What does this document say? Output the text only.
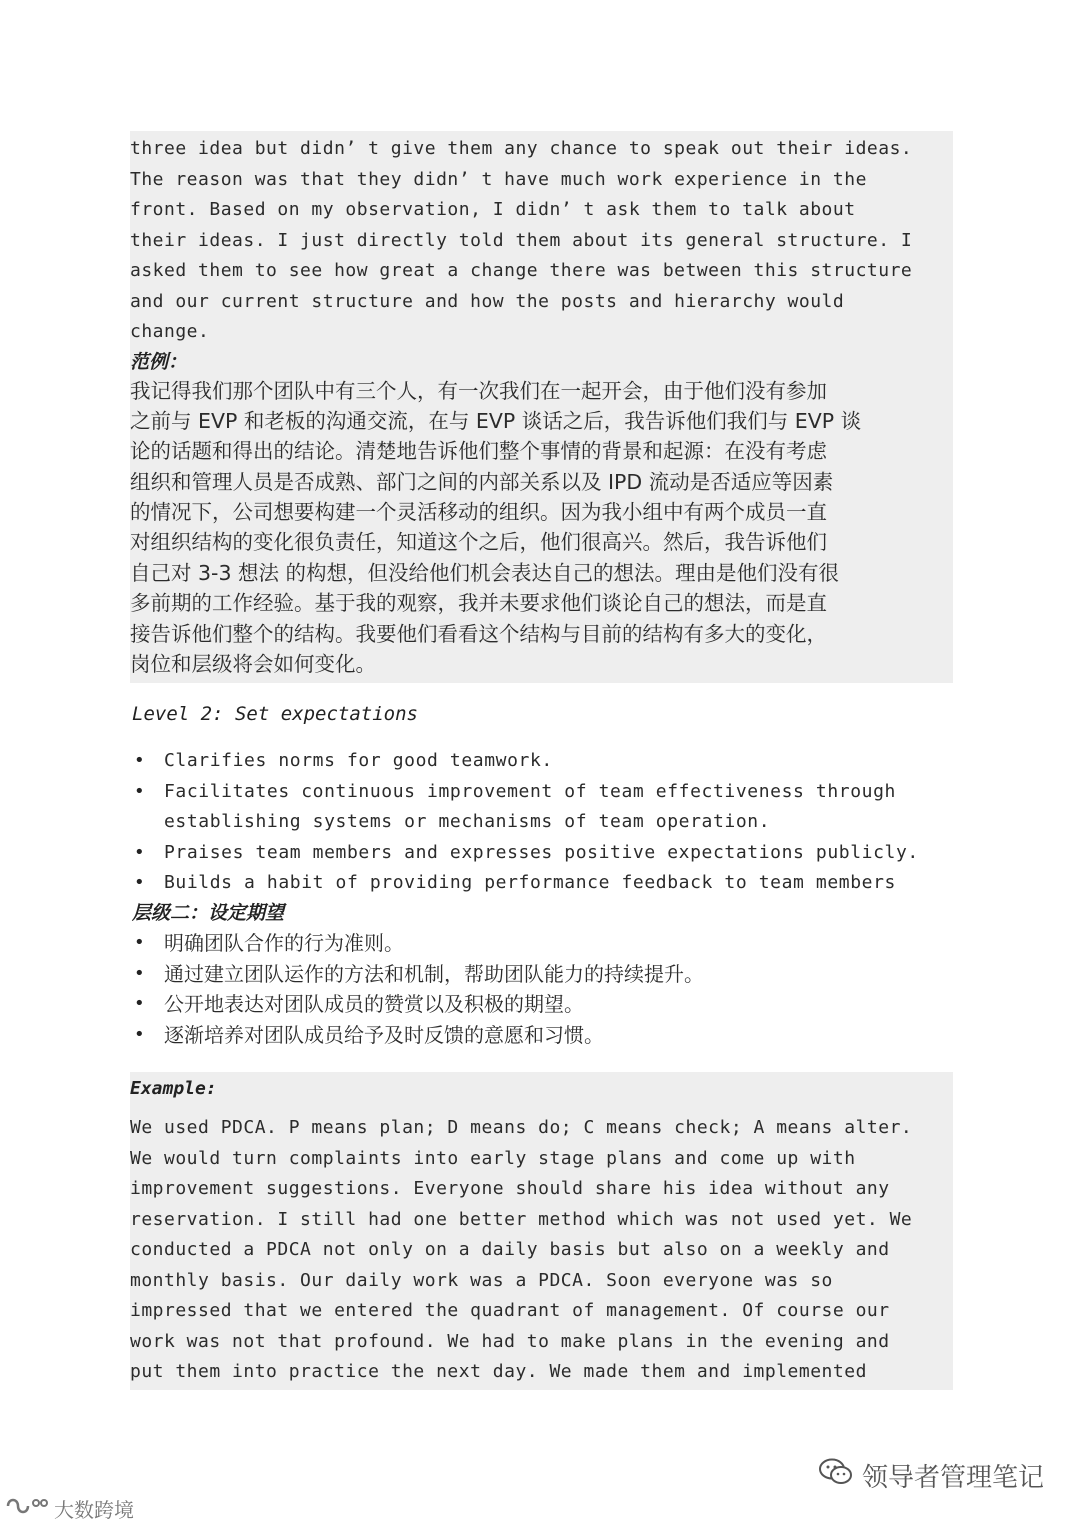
three idea but didn’ t give them any chance to speak out their ideas.
The reason was that they didn’ t have much work experience in the
front. Based on my observation, I didn’ t ask them to talk about
their ideas. I just directly told them about its general structure. I
asked them to see how great a change there was between this structure
and our current structure and how the posts and hierarchy would
change.
范例：
我记得我们那个团队中有三个人，有一次我们在一起开会，由于他们没有参加
之前与 EVP 和老板的沟通交流，在与 EVP 谈话之后，我告诉他们我们与 EVP 谈
论的话题和得出的结论。清楚地告诉他们整个事情的背景和起源：在没有考虑
组织和管理人员是否成熟、部门之间的内部关系以及 IPD 流动是否适应等因素
的情况下，公司想要构建一个灵活移动的组织。因为我小组中有两个成员一直
对组织结构的变化很负责任，知道这个之后，他们很高兴。然后，我告诉他们
自己对 3-3 想法 的构想，但没给他们机会表达自己的想法。理由是他们没有很
多前期的工作经验。基于我的观察，我并未要求他们谈论自己的想法，而是直
接告诉他们整个的结构。我要他们看看这个结构与目前的结构有多大的变化，
岗位和层级将会如何变化。
Level 2: Set expectations
• Clarifies norms for good teamwork.
• Facilitates continuous improvement of team effectiveness through
establishing systems or mechanisms of team operation.
• Praises team members and expresses positive expectations publicly.
• Builds a habit of providing performance feedback to team members
层级二：设定期望
• 明确团队合作的行为准则。
• 通过建立团队运作的方法和机制，帮助团队能力的持续提升。
• 公开地表达对团队成员的赞赏以及积极的期望。
• 逐渐培养对团队成员给予及时反馈的意愿和习惯。
Example:
We used PDCA. P means plan; D means do; C means check; A means alter.
We would turn complaints into early stage plans and come up with
improvement suggestions. Everyone should share his idea without any
reservation. I still had one better method which was not used yet. We
conducted a PDCA not only on a daily basis but also on a weekly and
monthly basis. Our daily work was a PDCA. Soon everyone was so
impressed that we entered the quadrant of management. Of course our
work was not that profound. We had to make plans in the evening and
put them into practice the next day. We made them and implemented
领导者管理笔记
大数跨境
